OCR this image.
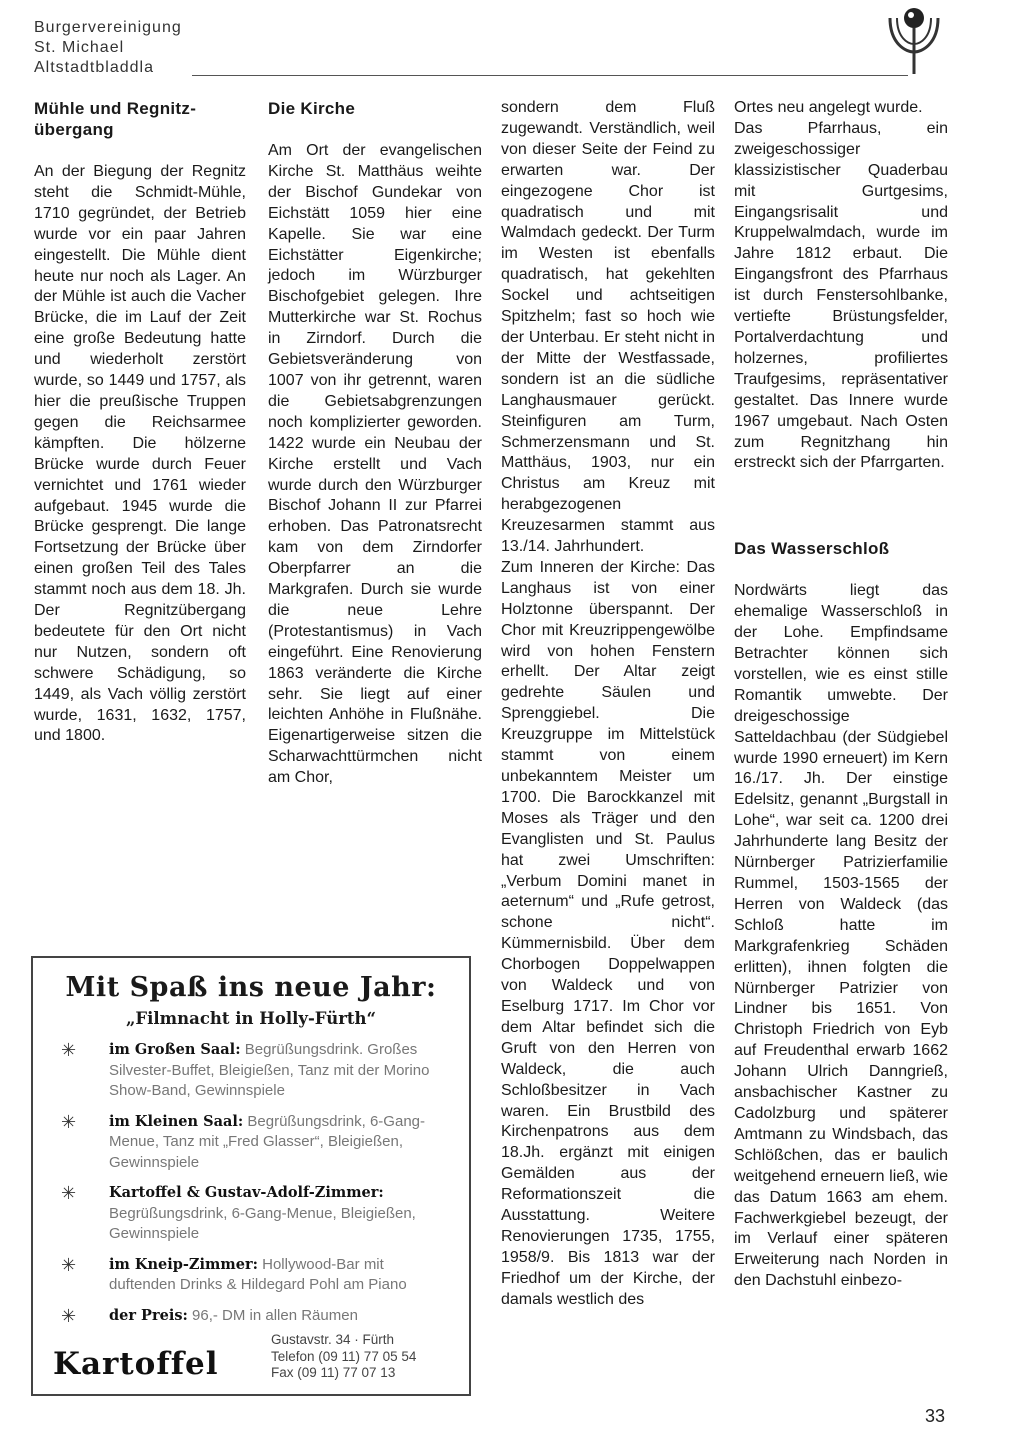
Burgervereinigung
St. Michael
Altstadtbladdla
Mühle und Regnitz-übergang

An der Biegung der Regnitz steht die Schmidt-Mühle, 1710 gegründet, der Betrieb wurde vor ein paar Jahren eingestellt. Die Mühle dient heute nur noch als Lager. An der Mühle ist auch die Vacher Brücke, die im Lauf der Zeit eine große Bedeutung hatte und wiederholt zerstört wurde, so 1449 und 1757, als hier die preußische Truppen gegen die Reichsarmee kämpften. Die hölzerne Brücke wurde durch Feuer vernichtet und 1761 wieder aufgebaut. 1945 wurde die Brücke gesprengt. Die lange Fortsetzung der Brücke über einen großen Teil des Tales stammt noch aus dem 18. Jh. Der Regnitzübergang bedeutete für den Ort nicht nur Nutzen, sondern oft schwere Schädigung, so 1449, als Vach völlig zerstört wurde, 1631, 1632, 1757, und 1800.

Die Kirche

Am Ort der evangelischen Kirche St. Matthäus weihte der Bischof Gundekar von Eichstätt 1059 hier eine Kapelle. Sie war eine Eichstätter Eigenkirche; jedoch im Würzburger Bischofgebiet gelegen. Ihre Mutterkirche war St. Rochus in Zirndorf. Durch die Gebietsveränderung von 1007 von ihr getrennt, waren die Gebietsabgrenzungen noch komplizierter geworden. 1422 wurde ein Neubau der Kirche erstellt und Vach wurde durch den Würzburger Bischof Johann II zur Pfarrei erhoben. Das Patronatsrecht kam von dem Zirndorfer Oberpfarrer an die Markgrafen. Durch sie wurde die neue Lehre (Protestantismus) in Vach eingeführt. Eine Renovierung 1863 veränderte die Kirche sehr. Sie liegt auf einer leichten Anhöhe in Flußnähe. Eigenartigerweise sitzen die Scharwachttürmchen nicht am Chor,

sondern dem Fluß zugewandt. Verständlich, weil von dieser Seite der Feind zu erwarten war. Der eingezogene Chor ist quadratisch und mit Walmdach gedeckt. Der Turm im Westen ist ebenfalls quadratisch, hat gekehlten Sockel und achtseitigen Spitzhelm; fast so hoch wie der Unterbau. Er steht nicht in der Mitte der Westfassade, sondern ist an die südliche Langhausmauer gerückt. Steinfiguren am Turm, Schmerzensmann und St. Matthäus, 1903, nur ein Christus am Kreuz mit herabgezogenen Kreuzesarmen stammt aus 13./14. Jahrhundert.

Zum Inneren der Kirche: Das Langhaus ist von einer Holztonne überspannt. Der Chor mit Kreuzrippengewölbe wird von hohen Fenstern erhellt. Der Altar zeigt gedrehte Säulen und Sprenggiebel. Die Kreuzgruppe im Mittelstück stammt von einem unbekanntem Meister um 1700. Die Barockkanzel mit Moses als Träger und den Evanglisten und St. Paulus hat zwei Umschriften: „Verbum Domini manet in aeternum“ und „Rufe getrost, schone nicht“. Kümmernisbild. Über dem Chorbogen Doppelwappen von Waldeck und von Eselburg 1717. Im Chor vor dem Altar befindet sich die Gruft von den Herren von Waldeck, die auch Schloßbesitzer in Vach waren. Ein Brustbild des Kirchenpatrons aus dem 18.Jh. ergänzt mit einigen Gemälden aus der Reformationszeit die Ausstattung. Weitere Renovierungen 1735, 1755, 1958/9. Bis 1813 war der Friedhof um der Kirche, der damals westlich des

Ortes neu angelegt wurde.

Das Pfarrhaus, ein zweigeschossiger klassizistischer Quaderbau mit Gurtgesims, Eingangsrisalit und Kruppelwalmdach, wurde im Jahre 1812 erbaut. Die Eingangsfront des Pfarrhaus ist durch Fenstersohlbanke, vertiefte Brüstungsfelder, Portalverdachtung und holzernes, profiliertes Traufgesims, repräsentativer gestaltet. Das Innere wurde 1967 umgebaut. Nach Osten zum Regnitzhang hin erstreckt sich der Pfarrgarten.

Das Wasserschloß

Nordwärts liegt das ehemalige Wasserschloß in der Lohe. Empfindsame Betrachter können sich vorstellen, wie es einst stille Romantik umwebte. Der dreigeschossige Satteldachbau (der Südgiebel wurde 1990 erneuert) im Kern 16./17. Jh. Der einstige Edelsitz, genannt „Burgstall in Lohe“, war seit ca. 1200 drei Jahrhunderte lang Besitz der Nürnberger Patrizierfamilie Rummel, 1503-1565 der Herren von Waldeck (das Schloß hatte im Markgrafenkrieg Schäden erlitten), ihnen folgten die Nürnberger Patrizier von Lindner bis 1651. Von Christoph Friedrich von Eyb auf Freudenthal erwarb 1662 Johann Ulrich Danngrieß, ansbachischer Kastner zu Cadolzburg und späterer Amtmann zu Windsbach, das Schlößchen, das er baulich weitgehend erneuern ließ, wie das Datum 1663 am ehem. Fachwerkgiebel bezeugt, der im Verlauf einer späteren Erweiterung nach Norden in den Dachstuhl einbezo-

Mit Spaß ins neue Jahr:
„Filmnacht in Holly-Fürth“
✳ im Großen Saal: Begrüßungsdrink. Großes Silvester-Buffet, Bleigießen, Tanz mit der Morino Show-Band, Gewinnspiele
✳ im Kleinen Saal: Begrüßungsdrink, 6-Gang-Menue, Tanz mit „Fred Glasser“, Bleigießen, Gewinnspiele
✳ Kartoffel & Gustav-Adolf-Zimmer: Begrüßungsdrink, 6-Gang-Menue, Bleigießen, Gewinnspiele
✳ im Kneip-Zimmer: Hollywood-Bar mit duftenden Drinks & Hildegard Pohl am Piano
✳ der Preis: 96,- DM in allen Räumen
Kartoffel
Gustavstr. 34 · Fürth
Telefon (09 11) 77 05 54
Fax (09 11) 77 07 13
33
